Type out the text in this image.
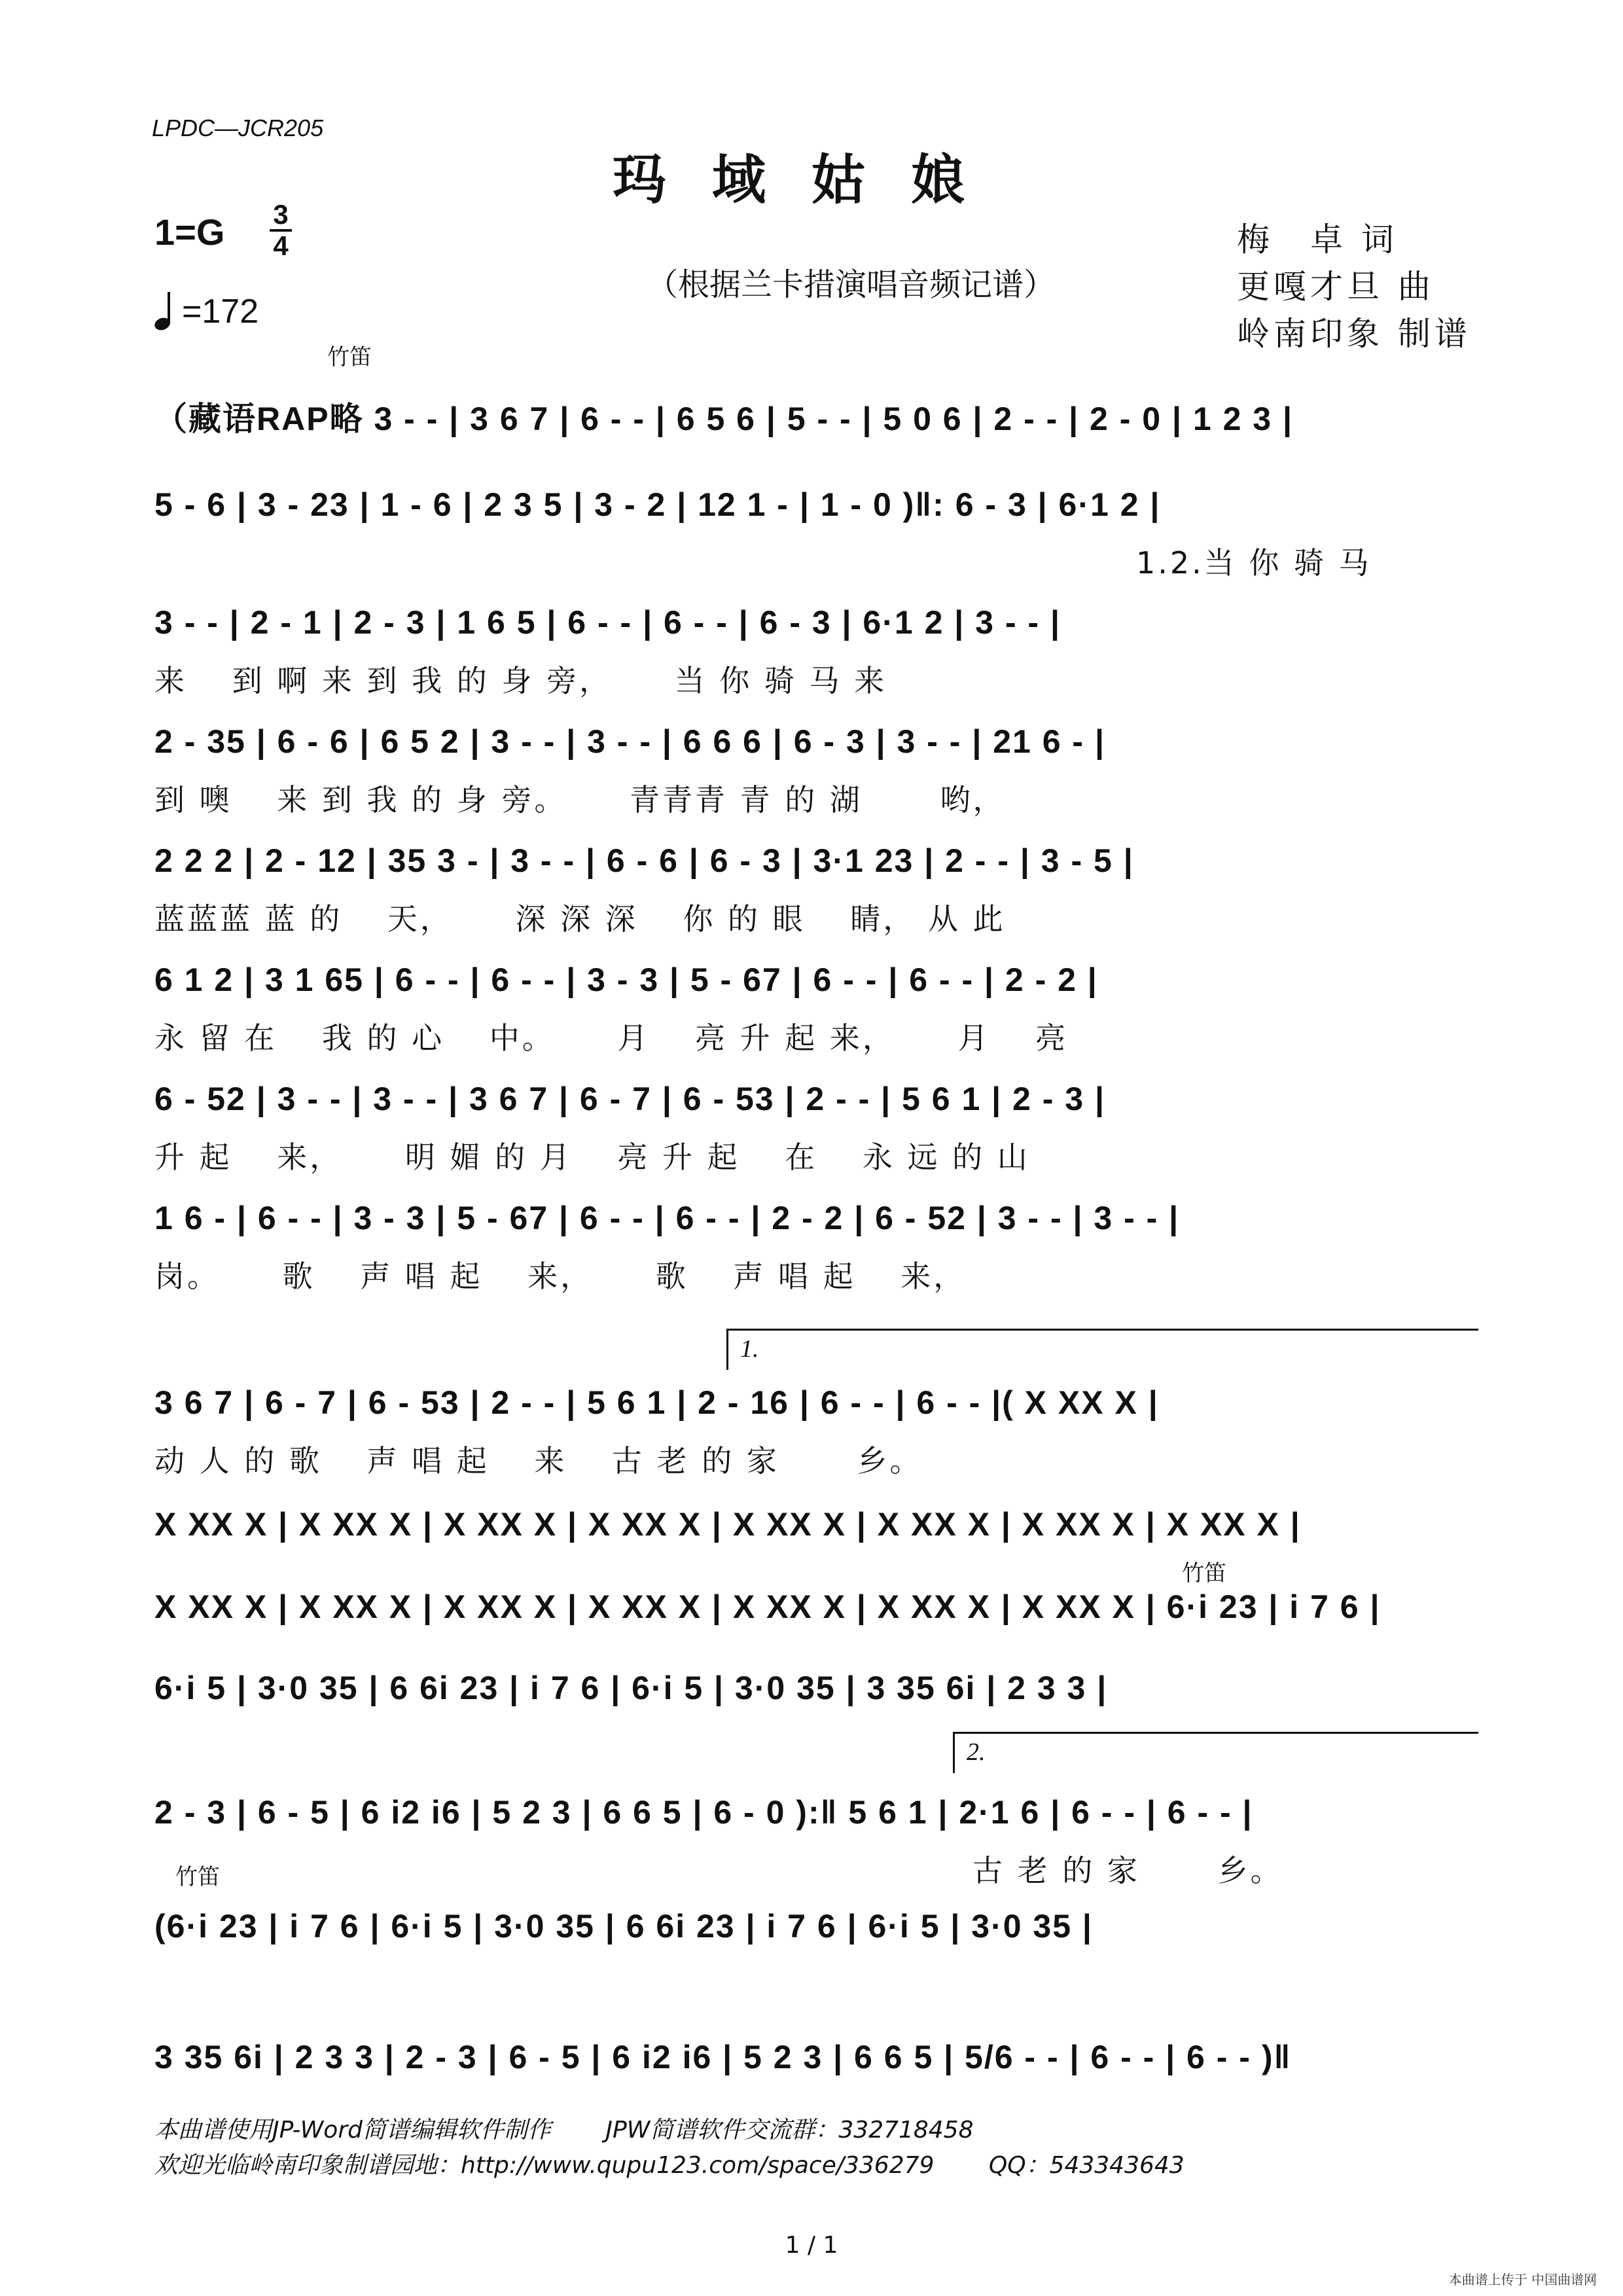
LPDC—JCR205
玛域姑娘
1=G 3
4
=172
（根据兰卡措演唱音频记谱）
梅　卓 词
更嘎才旦 曲
岭南印象 制谱
竹笛
竹笛
竹笛
1.
2.
（藏语RAP略 3 - - | 3 6 7 | 6 - - | 6 5 6 | 5 - - | 5 0 6 | 2 - - | 2 - 0 | 1 2 3 |
5 - 6 | 3 - 23 | 1 - 6 | 2 3 5 | 3 - 2 | 12 1 - | 1 - 0 )‖: 6 - 3 | 6·1 2 |
1.2.当 你 骑 马
3 - - | 2 - 1 | 2 - 3 | 1 6 5 | 6 - - | 6 - - | 6 - 3 | 6·1 2 | 3 - - |
来　 到 啊 来 到 我 的 身 旁，　　 当 你 骑 马 来
2 - 35 | 6 - 6 | 6 5 2 | 3 - - | 3 - - | 6 6 6 | 6 - 3 | 3 - - | 21 6 - |
到 噢　 来 到 我 的 身 旁。　　 青青青 青 的 湖　　 哟，
2 2 2 | 2 - 12 | 35 3 - | 3 - - | 6 - 6 | 6 - 3 | 3·1 23 | 2 - - | 3 - 5 |
蓝蓝蓝 蓝 的　 天，　　 深 深 深　 你 的 眼　 睛， 从 此
6 1 2 | 3 1 65 | 6 - - | 6 - - | 3 - 3 | 5 - 67 | 6 - - | 6 - - | 2 - 2 |
永 留 在　 我 的 心　 中。　　 月　 亮 升 起 来，　　 月　 亮
6 - 52 | 3 - - | 3 - - | 3 6 7 | 6 - 7 | 6 - 53 | 2 - - | 5 6 1 | 2 - 3 |
升 起　 来，　　 明 媚 的 月　 亮 升 起　 在　 永 远 的 山
1 6 - | 6 - - | 3 - 3 | 5 - 67 | 6 - - | 6 - - | 2 - 2 | 6 - 52 | 3 - - | 3 - - |
岗。　　 歌　 声 唱 起　 来，　　 歌　 声 唱 起　 来，
3 6 7 | 6 - 7 | 6 - 53 | 2 - - | 5 6 1 | 2 - 16 | 6 - - | 6 - - |( X XX X |
动 人 的 歌　 声 唱 起　 来　 古 老 的 家　　 乡。
X XX X | X XX X | X XX X | X XX X | X XX X | X XX X | X XX X | X XX X |
X XX X | X XX X | X XX X | X XX X | X XX X | X XX X | X XX X | 6·i 23 | i 7 6 |
6·i 5 | 3·0 35 | 6 6i 23 | i 7 6 | 6·i 5 | 3·0 35 | 3 35 6i | 2 3 3 |
2 - 3 | 6 - 5 | 6 i2 i6 | 5 2 3 | 6 6 5 | 6 - 0 ):‖ 5 6 1 | 2·1 6 | 6 - - | 6 - - |
古 老 的 家　　 乡。
(6·i 23 | i 7 6 | 6·i 5 | 3·0 35 | 6 6i 23 | i 7 6 | 6·i 5 | 3·0 35 |
3 35 6i | 2 3 3 | 2 - 3 | 6 - 5 | 6 i2 i6 | 5 2 3 | 6 6 5 | 5/6 - - | 6 - - | 6 - - )‖
本曲谱使用JP-Word简谱编辑软件制作　　 JPW简谱软件交流群：332718458
欢迎光临岭南印象制谱园地：http://www.qupu123.com/space/336279　　 QQ：543343643
1 / 1
本曲谱上传于 中国曲谱网
